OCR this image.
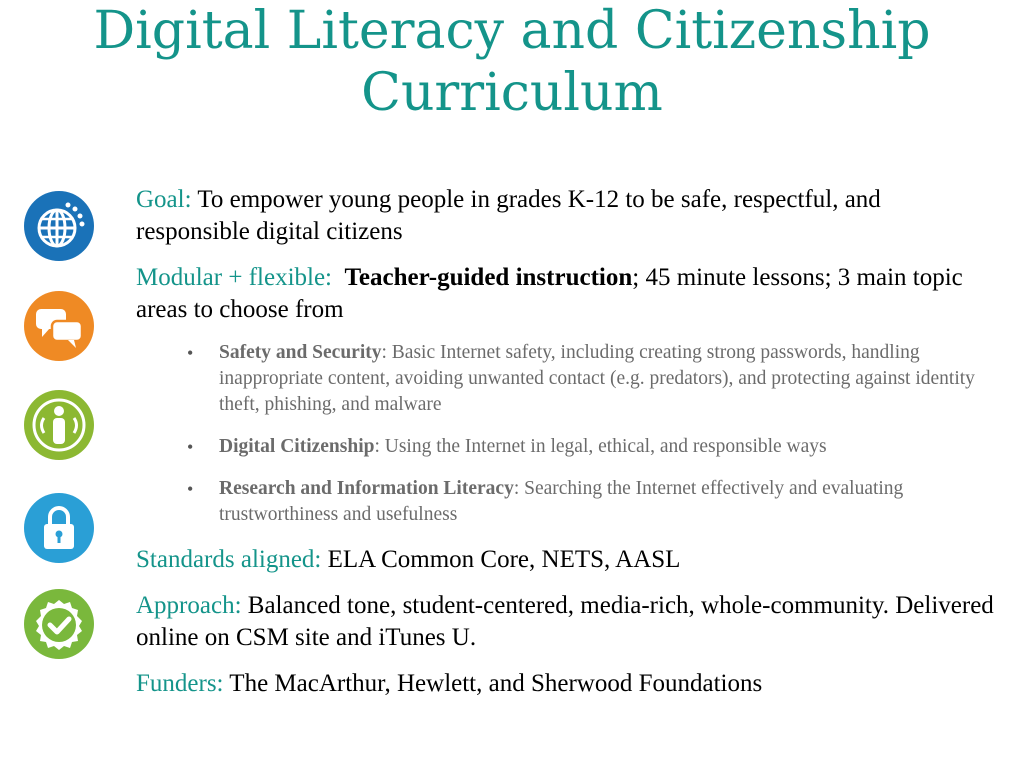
Digital Literacy and Citizenship
Curriculum

Goal: To empower young people in grades K-12 to be safe, respectful, and responsible digital citizens

Modular + flexible: Teacher-guided instruction; 45 minute lessons; 3 main topic areas to choose from

• Safety and Security: Basic Internet safety, including creating strong passwords, handling inappropriate content, avoiding unwanted contact (e.g. predators), and protecting against identity theft, phishing, and malware
• Digital Citizenship: Using the Internet in legal, ethical, and responsible ways
• Research and Information Literacy: Searching the Internet effectively and evaluating trustworthiness and usefulness

Standards aligned: ELA Common Core, NETS, AASL

Approach: Balanced tone, student-centered, media-rich, whole-community. Delivered online on CSM site and iTunes U.

Funders: The MacArthur, Hewlett, and Sherwood Foundations
